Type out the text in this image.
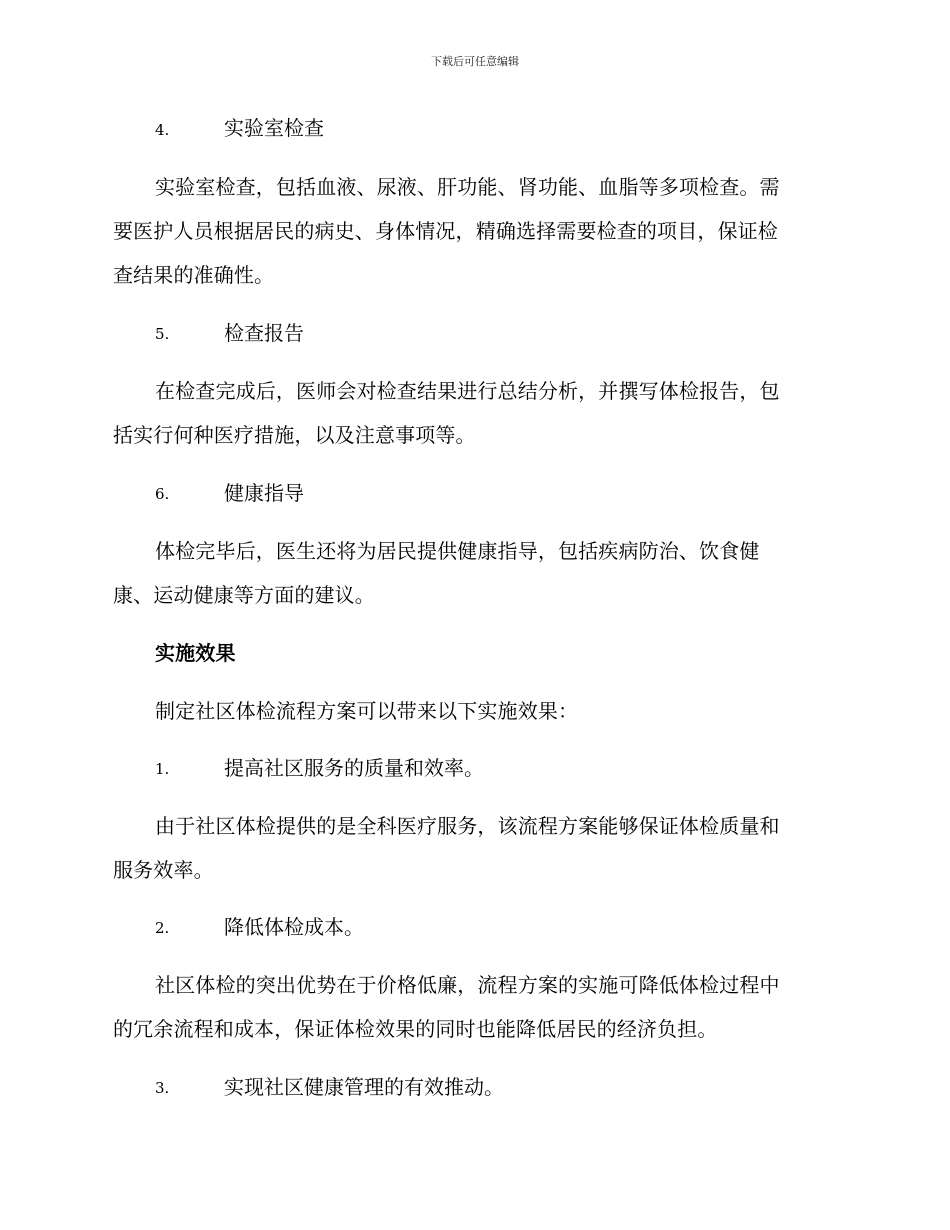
下载后可任意编辑
4.	实验室检查
实验室检查，包括血液、尿液、肝功能、肾功能、血脂等多项检查。需
要医护人员根据居民的病史、身体情况，精确选择需要检查的项目，保证检
查结果的准确性。
5.	检查报告
在检查完成后，医师会对检查结果进行总结分析，并撰写体检报告，包
括实行何种医疗措施，以及注意事项等。
6.	健康指导
体检完毕后，医生还将为居民提供健康指导，包括疾病防治、饮食健
康、运动健康等方面的建议。
实施效果
制定社区体检流程方案可以带来以下实施效果：
1.	提高社区服务的质量和效率。
由于社区体检提供的是全科医疗服务，该流程方案能够保证体检质量和
服务效率。
2.	降低体检成本。
社区体检的突出优势在于价格低廉，流程方案的实施可降低体检过程中
的冗余流程和成本，保证体检效果的同时也能降低居民的经济负担。
3.	实现社区健康管理的有效推动。
